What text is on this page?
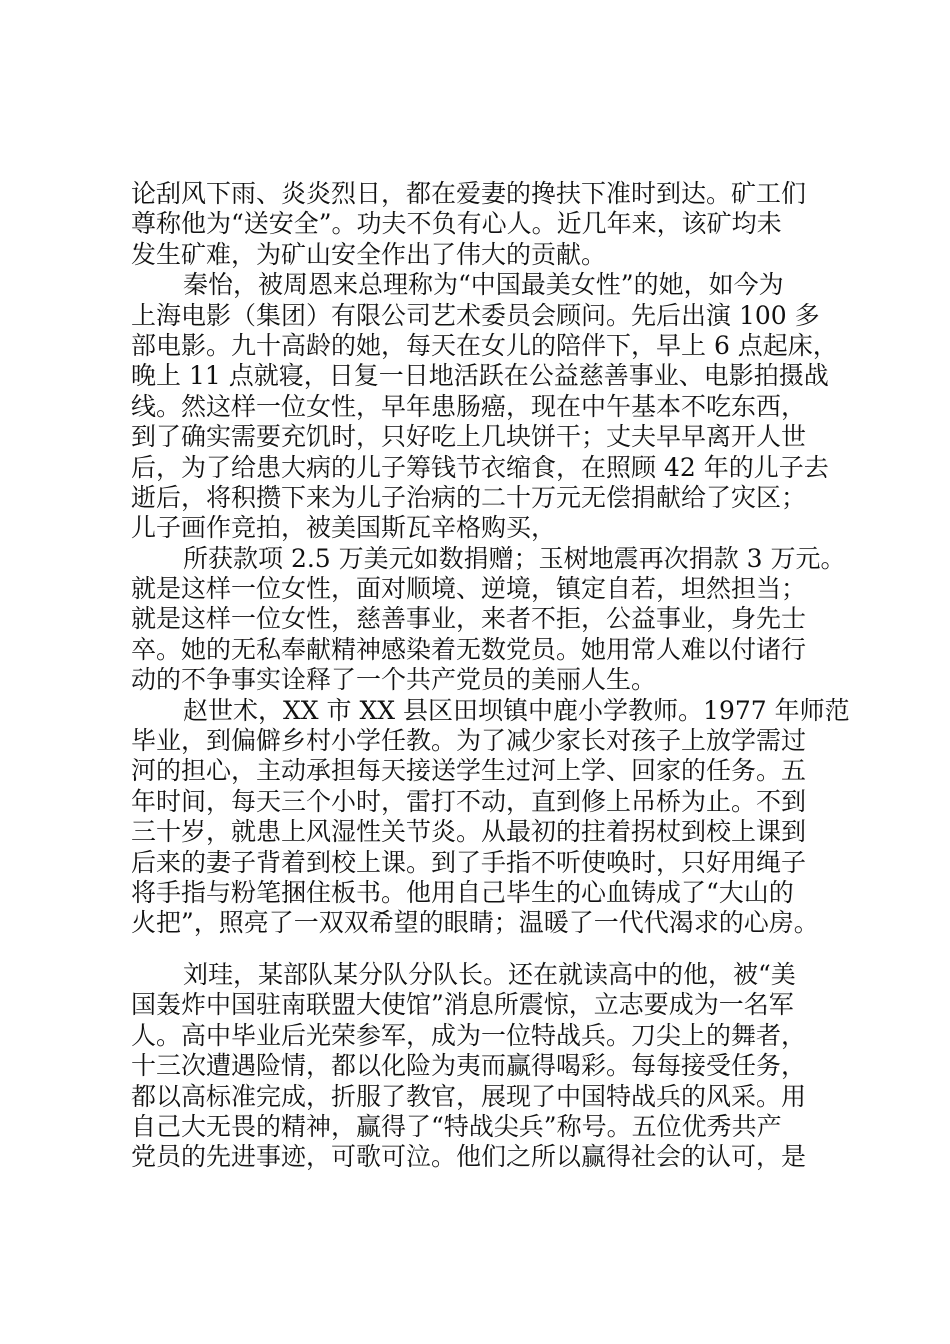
论刮风下雨、炎炎烈日，都在爱妻的搀扶下准时到达。矿工们
尊称他为“送安全”。功夫不负有心人。近几年来，该矿均未
发生矿难，为矿山安全作出了伟大的贡献。
秦怡，被周恩来总理称为“中国最美女性”的她，如今为
上海电影（集团）有限公司艺术委员会顾问。先后出演 100 多
部电影。九十高龄的她，每天在女儿的陪伴下，早上 6 点起床，
晚上 11 点就寝，日复一日地活跃在公益慈善事业、电影拍摄战
线。然这样一位女性，早年患肠癌，现在中午基本不吃东西，
到了确实需要充饥时，只好吃上几块饼干；丈夫早早离开人世
后，为了给患大病的儿子筹钱节衣缩食，在照顾 42 年的儿子去
逝后，将积攒下来为儿子治病的二十万元无偿捐献给了灾区；
儿子画作竞拍，被美国斯瓦辛格购买，
所获款项 2.5 万美元如数捐赠；玉树地震再次捐款 3 万元。
就是这样一位女性，面对顺境、逆境，镇定自若，坦然担当；
就是这样一位女性，慈善事业，来者不拒，公益事业，身先士
卒。她的无私奉献精神感染着无数党员。她用常人难以付诸行
动的不争事实诠释了一个共产党员的美丽人生。
赵世术，XX 市 XX 县区田坝镇中鹿小学教师。1977 年师范
毕业，到偏僻乡村小学任教。为了减少家长对孩子上放学需过
河的担心，主动承担每天接送学生过河上学、回家的任务。五
年时间，每天三个小时，雷打不动，直到修上吊桥为止。不到
三十岁，就患上风湿性关节炎。从最初的拄着拐杖到校上课到
后来的妻子背着到校上课。到了手指不听使唤时，只好用绳子
将手指与粉笔捆住板书。他用自己毕生的心血铸成了“大山的
火把”，照亮了一双双希望的眼睛；温暖了一代代渴求的心房。
刘珪，某部队某分队分队长。还在就读高中的他，被“美
国轰炸中国驻南联盟大使馆”消息所震惊，立志要成为一名军
人。高中毕业后光荣参军，成为一位特战兵。刀尖上的舞者，
十三次遭遇险情，都以化险为夷而赢得喝彩。每每接受任务，
都以高标准完成，折服了教官，展现了中国特战兵的风采。用
自己大无畏的精神，赢得了“特战尖兵”称号。五位优秀共产
党员的先进事迹，可歌可泣。他们之所以赢得社会的认可，是
